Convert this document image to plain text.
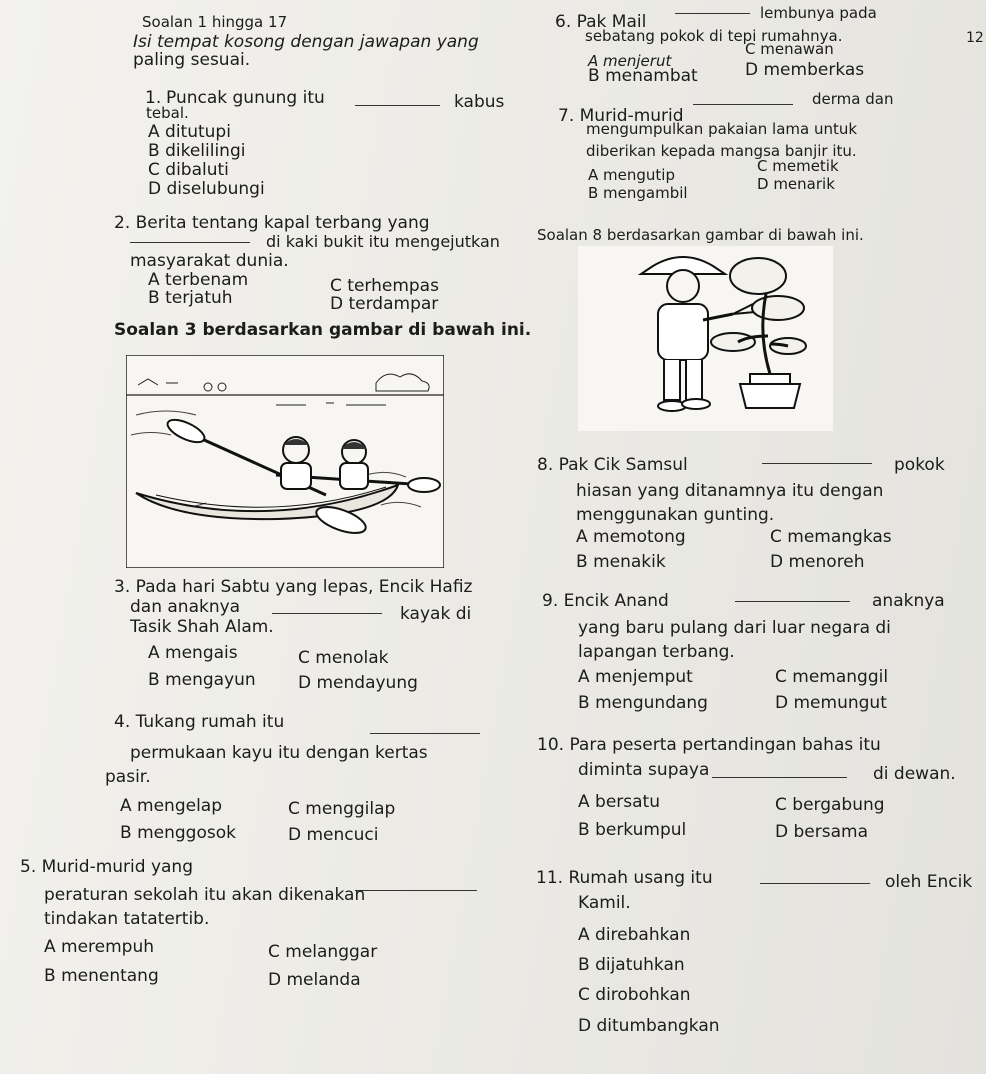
Soalan 1 hingga 17
Isi tempat kosong dengan jawapan yang
paling sesuai.
12
1. Puncak gunung itu	kabus
tebal.
A ditutupi
B dikelilingi
C dibaluti
D diselubungi
2. Berita tentang kapal terbang yang
di kaki bukit itu mengejutkan
masyarakat dunia.
A terbenam
B terjatuh
C terhempas
D terdampar
Soalan 3 berdasarkan gambar di bawah ini.
3. Pada hari Sabtu yang lepas, Encik Hafiz
dan anaknya	kayak di
Tasik Shah Alam.
A mengais
B mengayun
C menolak
D mendayung
4. Tukang rumah itu
permukaan kayu itu dengan kertas
pasir.
A mengelap
B menggosok
C menggilap
D mencuci
5. Murid-murid yang
peraturan sekolah itu akan dikenakan
tindakan tatatertib.
A merempuh
B menentang
C melanggar
D melanda
6. Pak Mail	lembunya pada
sebatang pokok di tepi rumahnya.
A menjerut
B menambat
C menawan
D memberkas
7. Murid-murid
derma dan
mengumpulkan pakaian lama untuk
diberikan kepada mangsa banjir itu.
A mengutip
B mengambil
C memetik
D menarik
Soalan 8 berdasarkan gambar di bawah ini.
8. Pak Cik Samsul	pokok
hiasan yang ditanamnya itu dengan
menggunakan gunting.
A memotong
B menakik
C memangkas
D menoreh
9. Encik Anand	anaknya
yang baru pulang dari luar negara di
lapangan terbang.
A menjemput
B mengundang
C memanggil
D memungut
10. Para peserta pertandingan bahas itu
diminta supaya	di dewan.
A bersatu
B berkumpul
C bergabung
D bersama
11. Rumah usang itu	oleh Encik
Kamil.
A direbahkan
B dijatuhkan
C dirobohkan
D ditumbangkan
